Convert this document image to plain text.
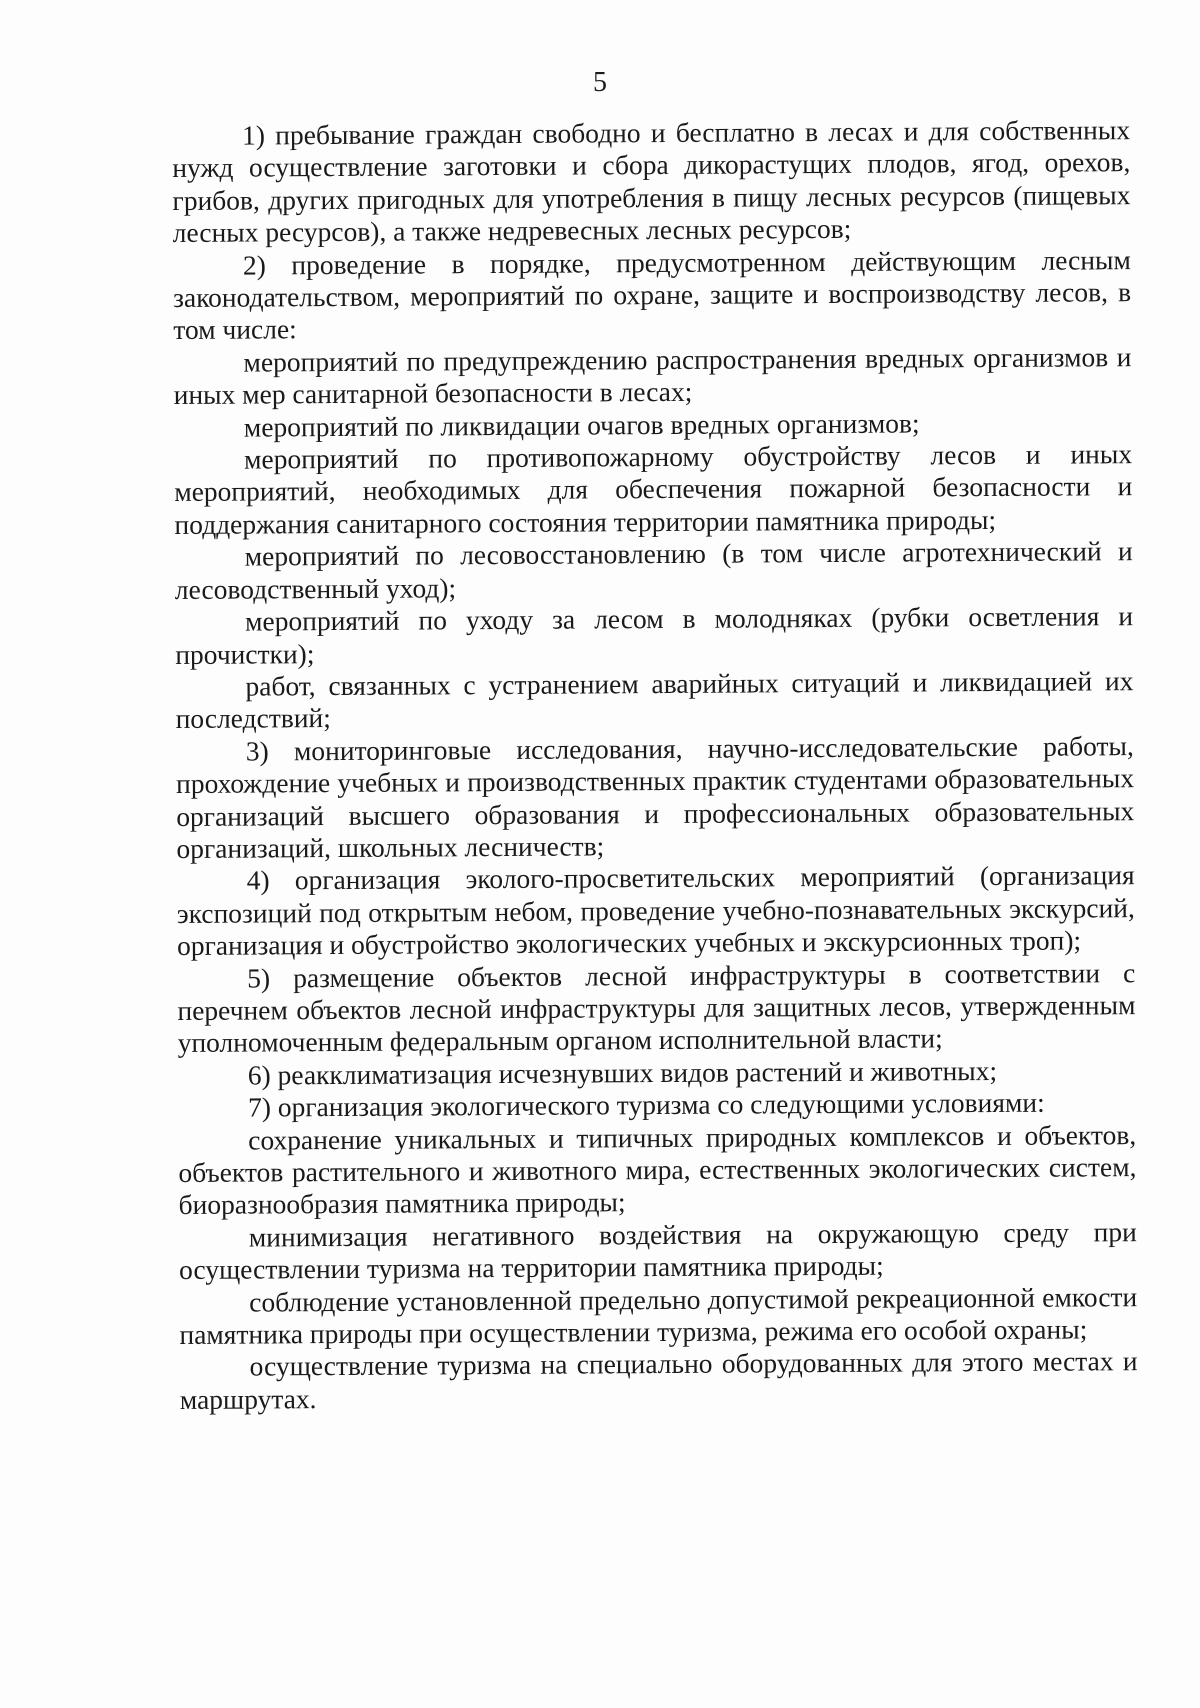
5

1) пребывание граждан свободно и бесплатно в лесах и для собственных нужд осуществление заготовки и сбора дикорастущих плодов, ягод, орехов, грибов, других пригодных для употребления в пищу лесных ресурсов (пищевых лесных ресурсов), а также недревесных лесных ресурсов;

2) проведение в порядке, предусмотренном действующим лесным законодательством, мероприятий по охране, защите и воспроизводству лесов, в том числе:

мероприятий по предупреждению распространения вредных организмов и иных мер санитарной безопасности в лесах;

мероприятий по ликвидации очагов вредных организмов;

мероприятий по противопожарному обустройству лесов и иных мероприятий, необходимых для обеспечения пожарной безопасности и поддержания санитарного состояния территории памятника природы;

мероприятий по лесовосстановлению (в том числе агротехнический и лесоводственный уход);

мероприятий по уходу за лесом в молодняках (рубки осветления и прочистки);

работ, связанных с устранением аварийных ситуаций и ликвидацией их последствий;

3) мониторинговые исследования, научно-исследовательские работы, прохождение учебных и производственных практик студентами образовательных организаций высшего образования и профессиональных образовательных организаций, школьных лесничеств;

4) организация эколого-просветительских мероприятий (организация экспозиций под открытым небом, проведение учебно-познавательных экскурсий, организация и обустройство экологических учебных и экскурсионных троп);

5) размещение объектов лесной инфраструктуры в соответствии с перечнем объектов лесной инфраструктуры для защитных лесов, утвержденным уполномоченным федеральным органом исполнительной власти;

6) реакклиматизация исчезнувших видов растений и животных;

7) организация экологического туризма со следующими условиями:

сохранение уникальных и типичных природных комплексов и объектов, объектов растительного и животного мира, естественных экологических систем, биоразнообразия памятника природы;

минимизация негативного воздействия на окружающую среду при осуществлении туризма на территории памятника природы;

соблюдение установленной предельно допустимой рекреационной емкости памятника природы при осуществлении туризма, режима его особой охраны;

осуществление туризма на специально оборудованных для этого местах и маршрутах.
